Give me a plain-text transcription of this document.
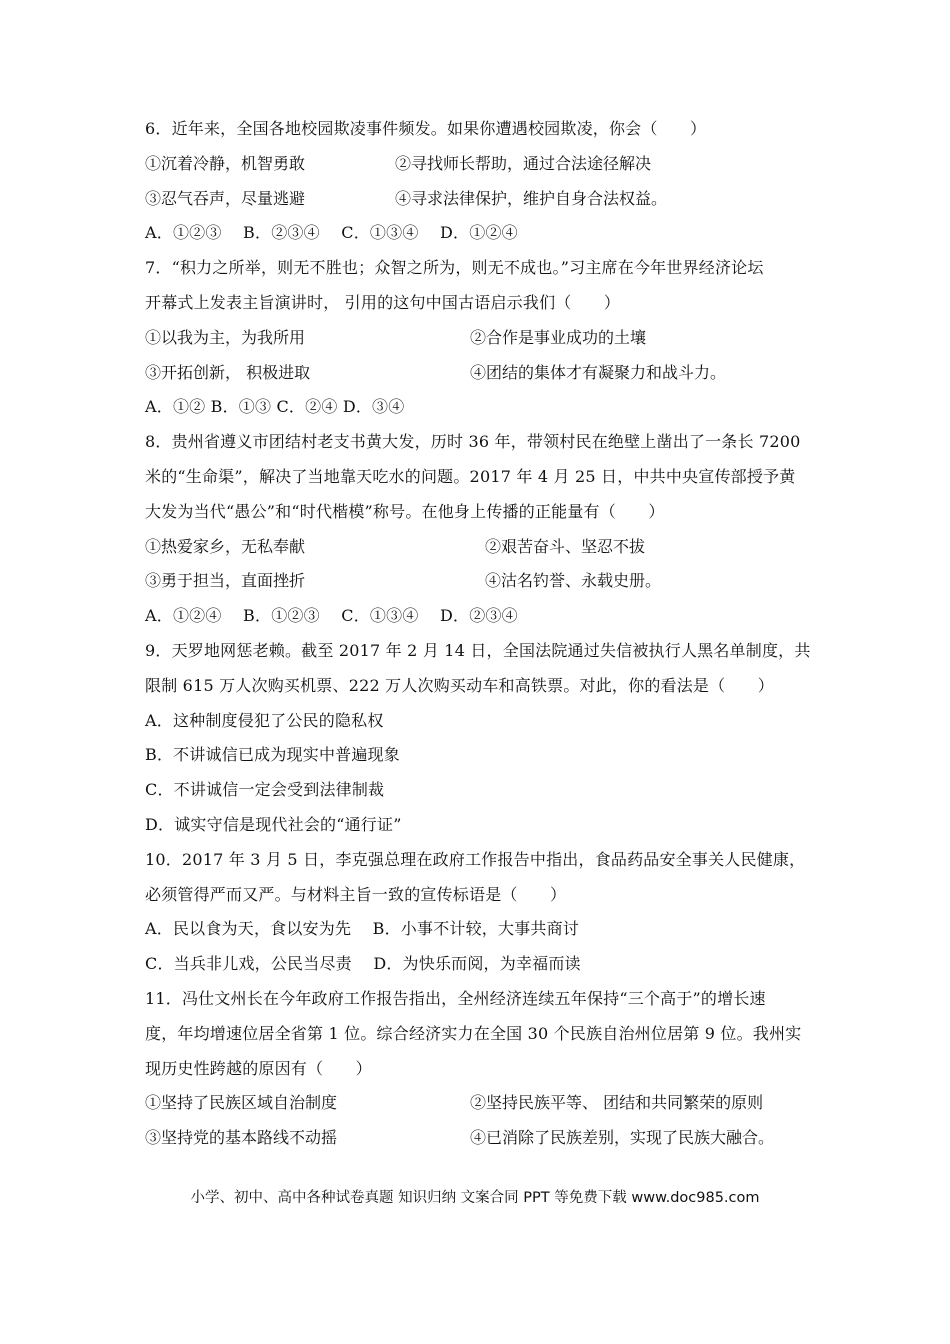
6．近年来，全国各地校园欺凌事件频发。如果你遭遇校园欺凌，你会（　　）
①沉着冷静，机智勇敢	②寻找师长帮助，通过合法途径解决
③忍气吞声，尽量逃避	④寻求法律保护，维护自身合法权益。
A．①②③　 B．②③④　 C．①③④　 D．①②④
7．“积力之所举，则无不胜也；众智之所为，则无不成也。”习主席在今年世界经济论坛
开幕式上发表主旨演讲时， 引用的这句中国古语启示我们（　　）
①以我为主，为我所用	②合作是事业成功的土壤
③开拓创新， 积极进取	④团结的集体才有凝聚力和战斗力。
A．①② B．①③ C．②④ D．③④
8．贵州省遵义市团结村老支书黄大发，历时 36 年，带领村民在绝壁上凿出了一条长 7200
米的“生命渠”，解决了当地靠天吃水的问题。2017 年 4 月 25 日，中共中央宣传部授予黄
大发为当代“愚公”和“时代楷模”称号。在他身上传播的正能量有（　　）
①热爱家乡，无私奉献	②艰苦奋斗、坚忍不拔
③勇于担当，直面挫折	④沽名钓誉、永载史册。
A．①②④　 B．①②③　 C．①③④　 D．②③④
9．天罗地网惩老赖。截至 2017 年 2 月 14 日，全国法院通过失信被执行人黑名单制度，共
限制 615 万人次购买机票、222 万人次购买动车和高铁票。对此，你的看法是（　　）
A．这种制度侵犯了公民的隐私权
B．不讲诚信已成为现实中普遍现象
C．不讲诚信一定会受到法律制裁
D．诚实守信是现代社会的“通行证”
10．2017 年 3 月 5 日，李克强总理在政府工作报告中指出，食品药品安全事关人民健康，
必须管得严而又严。与材料主旨一致的宣传标语是（　　）
A．民以食为天，食以安为先　 B．小事不计较，大事共商讨
C．当兵非儿戏，公民当尽责　 D．为快乐而阅，为幸福而读
11．冯仕文州长在今年政府工作报告指出，全州经济连续五年保持“三个高于”的增长速
度，年均增速位居全省第 1 位。综合经济实力在全国 30 个民族自治州位居第 9 位。我州实
现历史性跨越的原因有（　　）
①坚持了民族区域自治制度	②坚持民族平等、 团结和共同繁荣的原则
③坚持党的基本路线不动摇	④已消除了民族差别，实现了民族大融合。
小学、初中、高中各种试卷真题 知识归纳 文案合同 PPT 等免费下载 www.doc985.com
